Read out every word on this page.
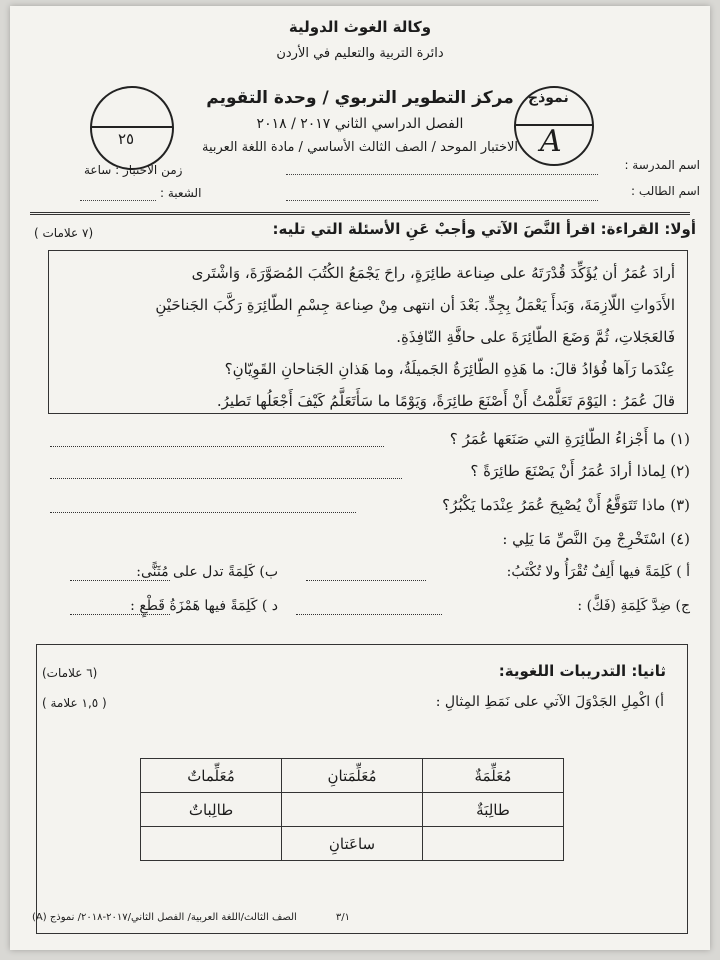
وكالة الغوث الدولية
دائرة التربية والتعليم في الأردن
مركز التطوير التربوي / وحدة التقويم
الفصل الدراسي الثاني ٢٠١٧ / ٢٠١٨
الاختبار الموحد / الصف الثالث الأساسي / مادة اللغة العربية
نموذج
A
٢٥
اسم المدرسة :
اسم الطالب :
زمن الاختبار : ساعة
الشعبة :
أولا: القراءة: اقرأ النَّصَ الآتي وأجبْ عَنِ الأسئلة التي تليه:
(٧ علامات )

أرادَ عُمَرُ أن يُؤَكِّدَ قُدْرَتَهُ على صِناعة طائِرَةٍ، راحَ يَجْمَعُ الكُتُبَ المُصَوَّرَةَ، وَاشْتَرى

الأَدَواتِ اللّازِمَةَ، وَبَدأَ يَعْمَلُ بِجِدٍّ. بَعْدَ أن انتهى مِنْ صِناعة جِسْمِ الطّائِرَةِ رَكَّبَ الجَناحَيْنِ

فَالعَجَلاتِ، ثُمَّ وَضَعَ الطّائِرَةَ على حافَّةِ النّافِذَةِ.

عِنْدَما رَآها فُؤادُ قالَ: ما هَذِهِ الطّائِرَةُ الجَميلَةُ، وما هَذانِ الجَناحانِ القَوِيّانِ؟

قالَ عُمَرُ : اليَوْمَ تَعَلَّمْتُ أَنْ أَصْنَعَ طائِرَةً، وَيَوْمًا ما سَأَتَعَلَّمُ كَيْفَ أَجْعَلُها تَطيرُ.

(١) ما أَجْزاءُ الطّائِرَةِ التي صَنَعَها عُمَرُ ؟
(٢) لِماذا أرادَ عُمَرُ أَنْ يَصْنَعَ طائِرَةً ؟
(٣) ماذا تَتَوَقَّعُ أَنْ يُصْبِحَ عُمَرُ عِنْدَما يَكْبُرُ؟
(٤) اسْتَخْرِجْ مِنَ النَّصِّ مَا يَلِي :
أ ) كَلِمَةً فيها أَلِفٌ تُقْرَأُ ولا تُكْتَبُ:
ب) كَلِمَةً تدل على مُثَنًّى:
ج) ضِدَّ كَلِمَةِ (فَكَّ) :
د ) كَلِمَةً فيها هَمْزَةُ قَطْعٍ :
ثانيا: التدريبات اللغوية:
(٦ علامات)
أ) اكْمِلِ الجَدْوَلَ الآتي على نَمَطِ المِثالِ :
( ١,٥ علامة )
مُعَلِّمَةٌ	مُعَلِّمَتانِ	مُعَلِّماتٌ
طالِبَةٌ		طالِباتٌ
	ساعَتانِ	
٣/١
الصف الثالث/اللغة العربية/ الفصل الثاني/٢٠١٧-٢٠١٨/ نموذج (A)
